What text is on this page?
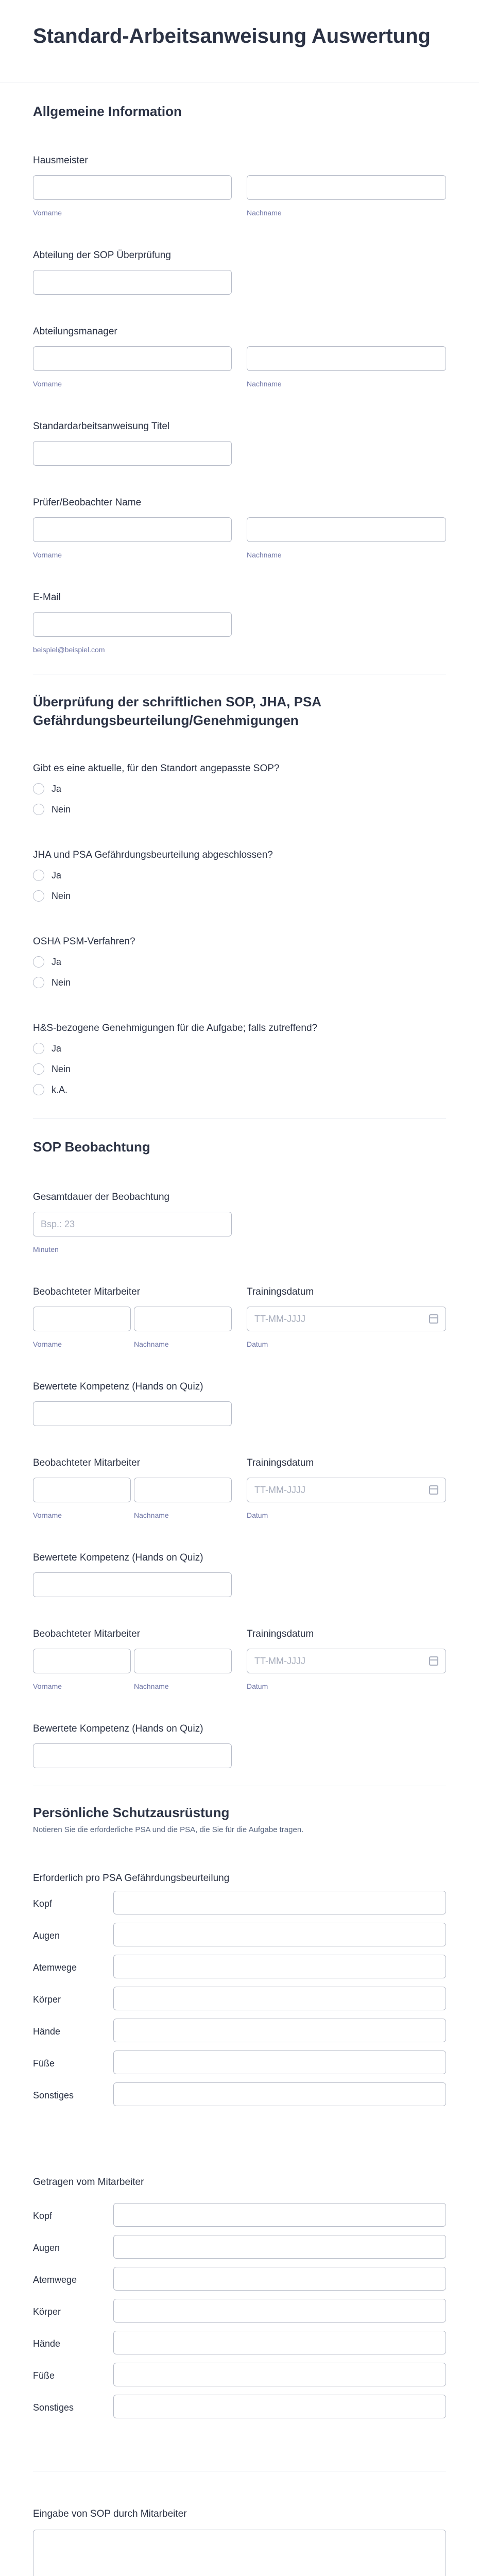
Standard-Arbeitsanweisung Auswertung
Allgemeine Information
Hausmeister
Vorname	Nachname
Abteilung der SOP Überprüfung
Abteilungsmanager
Vorname	Nachname
Standardarbeitsanweisung Titel
Prüfer/Beobachter Name
Vorname	Nachname
E-Mail
beispiel@beispiel.com
Überprüfung der schriftlichen SOP, JHA, PSA
Gefährdungsbeurteilung/Genehmigungen
Gibt es eine aktuelle, für den Standort angepasste SOP?
Ja
Nein
JHA und PSA Gefährdungsbeurteilung abgeschlossen?
Ja
Nein
OSHA PSM-Verfahren?
Ja
Nein
H&S-bezogene Genehmigungen für die Aufgabe; falls zutreffend?
Ja
Nein
k.A.
SOP Beobachtung
Gesamtdauer der Beobachtung
Bsp.: 23
Minuten
Beobachteter Mitarbeiter	Trainingsdatum
TT-MM-JJJJ
Vorname	Nachname	Datum
Bewertete Kompetenz (Hands on Quiz)
Beobachteter Mitarbeiter	Trainingsdatum
TT-MM-JJJJ
Vorname	Nachname	Datum
Bewertete Kompetenz (Hands on Quiz)
Beobachteter Mitarbeiter	Trainingsdatum
TT-MM-JJJJ
Vorname	Nachname	Datum
Bewertete Kompetenz (Hands on Quiz)
Persönliche Schutzausrüstung
Notieren Sie die erforderliche PSA und die PSA, die Sie für die Aufgabe tragen.
Erforderlich pro PSA Gefährdungsbeurteilung
Kopf
Augen
Atemwege
Körper
Hände
Füße
Sonstiges
Getragen vom Mitarbeiter
Kopf
Augen
Atemwege
Körper
Hände
Füße
Sonstiges
Eingabe von SOP durch Mitarbeiter
